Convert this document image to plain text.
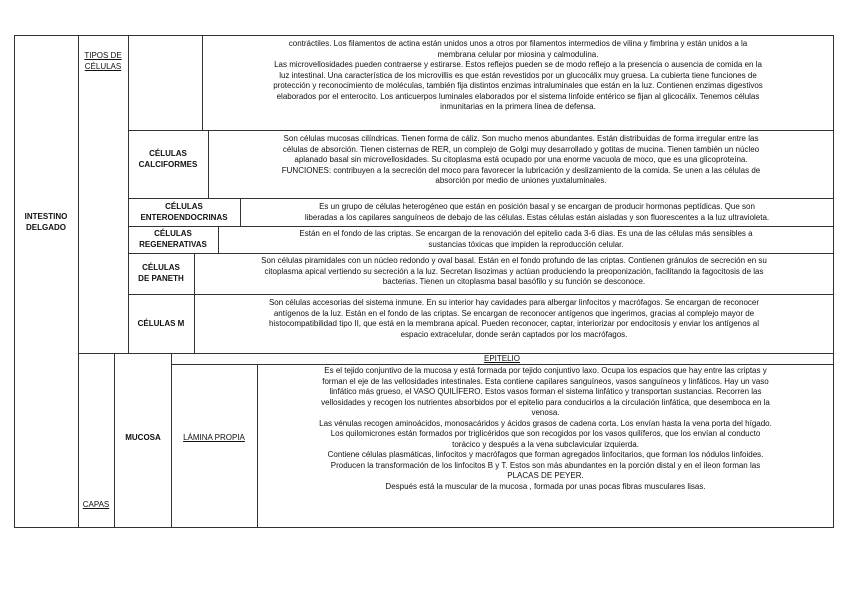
INTESTINO
DELGADO
TIPOS DE
CÉLULAS
CAPAS
contráctiles. Los filamentos de actina están unidos unos a otros por filamentos intermedios de vilina y fimbrina y están unidos a la
membrana celular por miosina y calmodulina.
Las microvellosidades pueden contraerse y estirarse. Estos reflejos pueden se de modo reflejo a la presencia o ausencia de comida en la
luz intestinal. Una característica de los microvillis es que están revestidos por un glucocálix muy gruesa. La cubierta tiene funciones de
protección y reconocimiento de moléculas, también fija distintos enzimas intraluminales que están en la luz. Contienen enzimas digestivos
elaborados por el enterocito. Los anticuerpos luminales elaborados por el sistema linfoide entérico se fijan al glicocálix. Tenemos células
inmunitarias en la primera línea de defensa.
CÉLULAS
CALCIFORMES
Son células mucosas cilíndricas. Tienen forma de cáliz. Son mucho menos abundantes. Están distribuidas de forma irregular entre las
células de absorción. Tienen cisternas de RER, un complejo de Golgi muy desarrollado y gotitas de mucina. Tienen también un núcleo
aplanado basal sin microvellosidades. Su citoplasma está ocupado por una enorme vacuola de moco, que es una glicoproteína.
FUNCIONES: contribuyen a la secreción del moco para favorecer la lubricación y deslizamiento de la comida. Se unen a las células de
absorción por medio de uniones yuxtaluminales.
CÉLULAS
ENTEROENDOCRINAS
Es un grupo de células heterogéneo que están en posición basal y se encargan de producir hormonas peptídicas. Que son
liberadas a los capilares sanguíneos de debajo de las células. Estas células están aisladas y son fluorescentes a la luz ultravioleta.
CÉLULAS
REGENERATIVAS
Están en el fondo de las criptas. Se encargan de la renovación del epitelio cada 3-6 días. Es una de las células más sensibles a
sustancias tóxicas que impiden la reproducción celular.
CÉLULAS
DE PANETH
Son células piramidales con un núcleo redondo y oval basal. Están en el fondo profundo de las criptas. Contienen gránulos de secreción en su
citoplasma apical vertiendo su secreción a la luz. Secretan lisozimas y actúan produciendo la preoponización, facilitando la fagocitosis de las
bacterias. Tienen un citoplasma basal basófilo y su función se desconoce.
CÉLULAS M
Son células accesorias del sistema inmune. En su interior hay cavidades para albergar linfocitos y macrófagos. Se encargan de reconocer
antígenos de la luz. Están en el fondo de las criptas. Se encargan de reconocer antígenos que ingerimos, gracias al complejo mayor de
histocompatibilidad tipo II, que está en la membrana apical. Pueden reconocer, captar, interiorizar por endocitosis y enviar los antígenos al
espacio extracelular, donde serán captados por los macrófagos.
MUCOSA
EPITELIO
LÁMINA PROPIA
Es el tejido conjuntivo de la mucosa y está formada por tejido conjuntivo laxo. Ocupa los espacios que hay entre las criptas y
forman el eje de las vellosidades intestinales. Esta contiene capilares sanguíneos, vasos sanguíneos y linfáticos. Hay un vaso
linfático más grueso, el VASO QUILÍFERO. Estos vasos forman el sistema linfático y transportan sustancias. Recorren las
vellosidades y recogen los nutrientes absorbidos por el epitelio para conducirlos a la circulación linfática, que desemboca en la
venosa.
Las vénulas recogen aminoácidos, monosacáridos y ácidos grasos de cadena corta. Los envían hasta la vena porta del hígado.
Los quilomicrones están formados por triglicéridos que son recogidos por los vasos quilíferos, que los envían al conducto
torácico y después a la vena subclavicular izquierda.
Contiene células plasmáticas, linfocitos y macrófagos que forman agregados linfocitarios, que forman los nódulos linfoides.
Producen la transformación de los linfocitos B y T. Estos son más abundantes en la porción distal y en el íleon forman las
PLACAS DE PEYER.
Después está la muscular de la mucosa , formada por unas pocas fibras musculares lisas.
